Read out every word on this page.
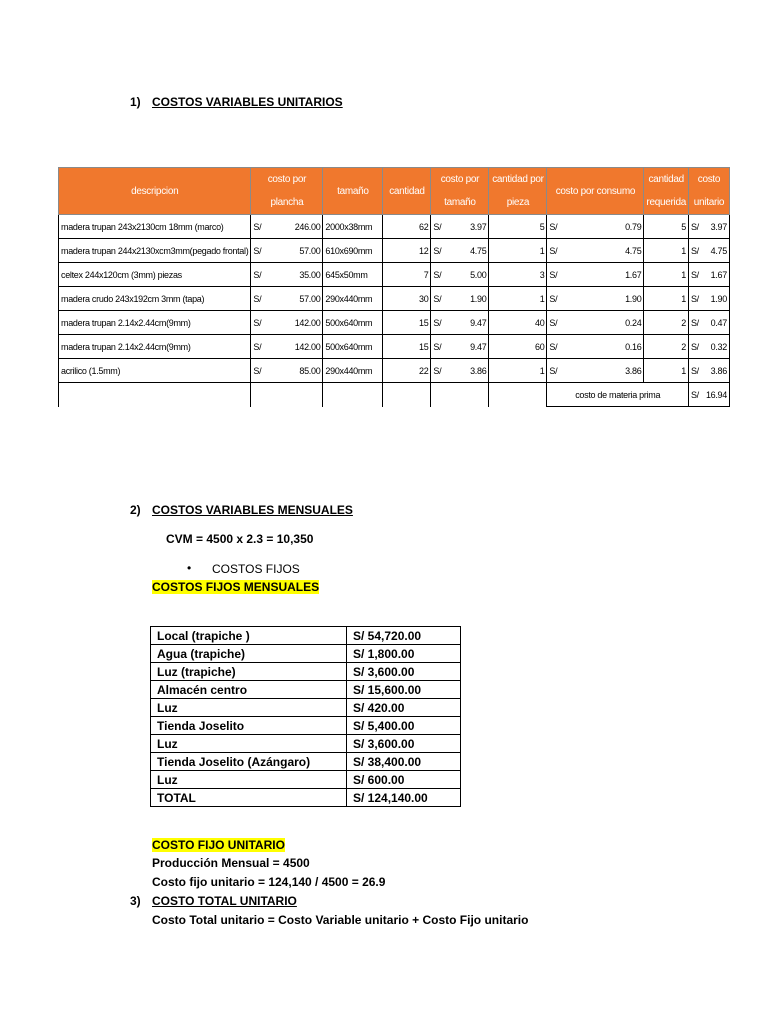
1) COSTOS VARIABLES UNITARIOS
descripcion	costo por plancha	tamaño	cantidad	costo por tamaño	cantidad por pieza	costo por consumo	cantidad requerida	costo unitario
madera trupan 243x2130cm 18mm (marco)	S/ 246.00	2000x38mm	62	S/ 3.97	5	S/ 0.79	5	S/ 3.97

madera trupan 244x2130xcm3mm(pegado frontal)	S/ 57.00	610x690mm	12	S/ 4.75	1	S/ 4.75	1	S/ 4.75

celtex 244x120cm (3mm) piezas	S/ 35.00	645x50mm	7	S/ 5.00	3	S/ 1.67	1	S/ 1.67

madera crudo 243x192cm 3mm (tapa)	S/ 57.00	290x440mm	30	S/ 1.90	1	S/ 1.90	1	S/ 1.90

madera trupan 2.14x2.44cm(9mm)	S/ 142.00	500x640mm	15	S/ 9.47	40	S/ 0.24	2	S/ 0.47

madera trupan 2.14x2.44cm(9mm)	S/ 142.00	500x640mm	15	S/ 9.47	60	S/ 0.16	2	S/ 0.32

acrilico (1.5mm)	S/ 85.00	290x440mm	22	S/ 3.86	1	S/ 3.86	1	S/ 3.86

						costo de materia prima		S/ 16.94
2) COSTOS VARIABLES MENSUALES
CVM = 4500 x 2.3 = 10,350
• COSTOS FIJOS
COSTOS FIJOS MENSUALES
Local (trapiche )	S/ 54,720.00
Agua (trapiche)	S/ 1,800.00
Luz (trapiche)	S/ 3,600.00
Almacén centro	S/ 15,600.00
Luz	S/ 420.00
Tienda Joselito	S/ 5,400.00
Luz	S/ 3,600.00
Tienda Joselito (Azángaro)	S/ 38,400.00
Luz	S/ 600.00
TOTAL	S/ 124,140.00
COSTO FIJO UNITARIO
Producción Mensual = 4500
Costo fijo unitario = 124,140 / 4500 = 26.9
3) COSTO TOTAL UNITARIO
Costo Total unitario = Costo Variable unitario + Costo Fijo unitario
